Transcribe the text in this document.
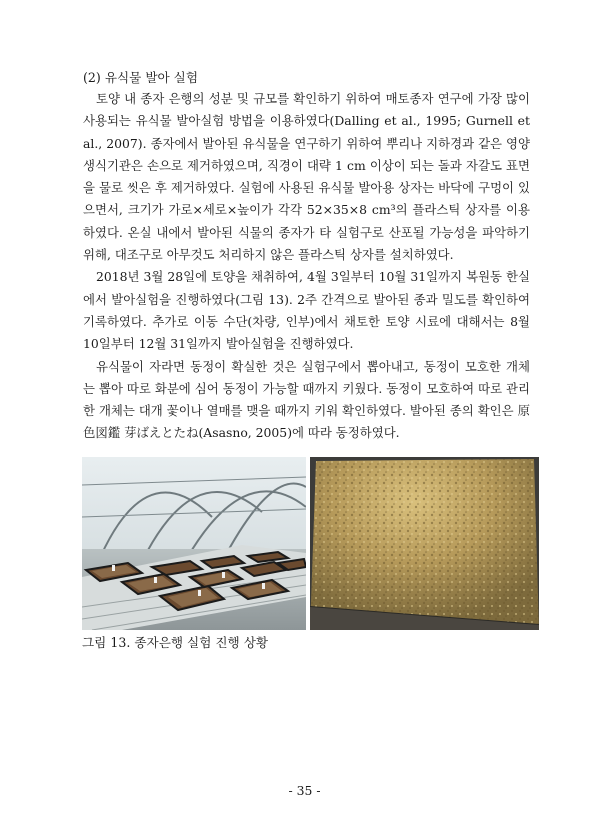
(2) 유식물 발아 실험

토양 내 종자 은행의 성분 및 규모를 확인하기 위하여 매토종자 연구에 가장 많이 사용되는 유식물 발아실험 방법을 이용하였다(Dalling et al., 1995; Gurnell et al., 2007). 종자에서 발아된 유식물을 연구하기 위하여 뿌리나 지하경과 같은 영양생식기관은 손으로 제거하였으며, 직경이 대략 1 cm 이상이 되는 돌과 자갈도 표면을 물로 씻은 후 제거하였다. 실험에 사용된 유식물 발아용 상자는 바닥에 구멍이 있으면서, 크기가 가로×세로×높이가 각각 52×35×8 cm³의 플라스틱 상자를 이용하였다. 온실 내에서 발아된 식물의 종자가 타 실험구로 산포될 가능성을 파악하기 위해, 대조구로 아무것도 처리하지 않은 플라스틱 상자를 설치하였다.

2018년 3월 28일에 토양을 채취하여, 4월 3일부터 10월 31일까지 복원동 한실에서 발아실험을 진행하였다(그림 13). 2주 간격으로 발아된 종과 밀도를 확인하여 기록하였다. 추가로 이동 수단(차량, 인부)에서 채토한 토양 시료에 대해서는 8월 10일부터 12월 31일까지 발아실험을 진행하였다.

유식물이 자라면 동정이 확실한 것은 실험구에서 뽑아내고, 동정이 모호한 개체는 뽑아 따로 화분에 심어 동정이 가능할 때까지 키웠다. 동정이 모호하여 따로 관리한 개체는 대개 꽃이나 열매를 맺을 때까지 키워 확인하였다. 발아된 종의 확인은 原色図鑑 芽ばえとたね(Asasno, 2005)에 따라 동정하였다.

그림 13. 종자은행 실험 진행 상황
- 35 -
